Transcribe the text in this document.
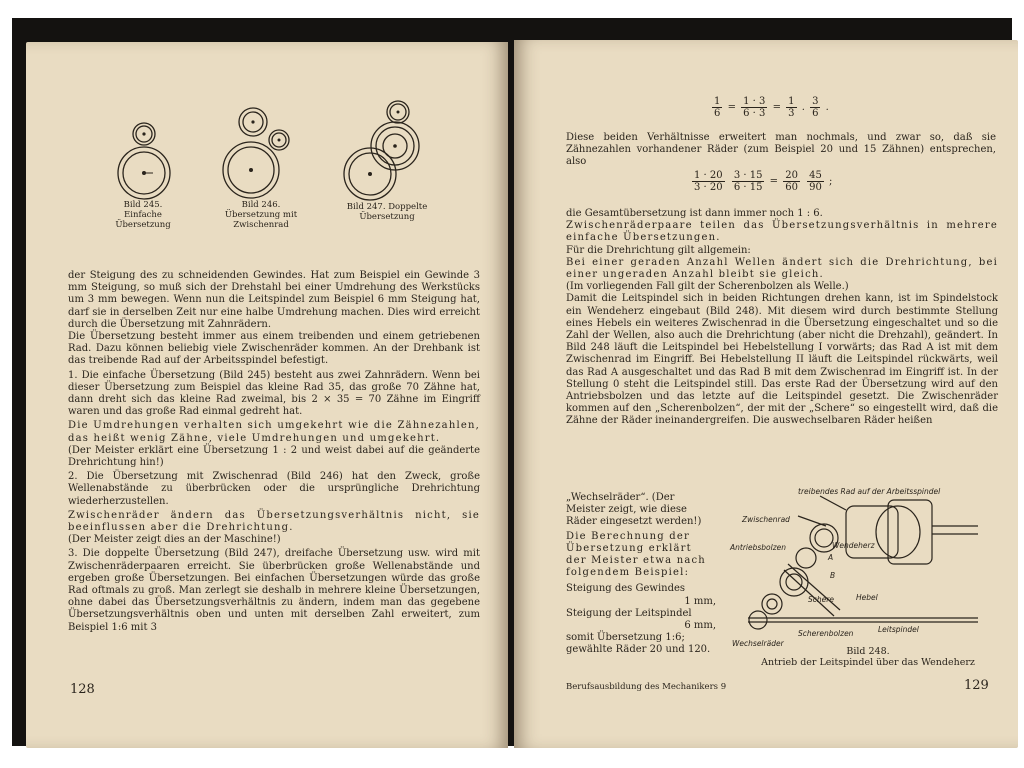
Bild 245. Einfache Übersetzung
Bild 246. Übersetzung mit Zwischenrad
Bild 247. Doppelte Übersetzung

der Steigung des zu schneidenden Gewindes. Hat zum Beispiel ein Gewinde 3 mm Steigung, so muß sich der Drehstahl bei einer Umdrehung des Werkstücks um 3 mm bewegen. Wenn nun die Leitspindel zum Beispiel 6 mm Steigung hat, darf sie in derselben Zeit nur eine halbe Umdrehung machen. Dies wird erreicht durch die Übersetzung mit Zahnrädern.

Die Übersetzung besteht immer aus einem treibenden und einem getriebenen Rad. Dazu können beliebig viele Zwischenräder kommen. An der Drehbank ist das treibende Rad auf der Arbeitsspindel befestigt.

1. Die einfache Übersetzung (Bild 245) besteht aus zwei Zahnrädern. Wenn bei dieser Übersetzung zum Beispiel das kleine Rad 35, das große 70 Zähne hat, dann dreht sich das kleine Rad zweimal, bis 2 × 35 = 70 Zähne im Eingriff waren und das große Rad einmal gedreht hat.

Die Umdrehungen verhalten sich umgekehrt wie die Zähnezahlen, das heißt wenig Zähne, viele Umdrehungen und umgekehrt.

(Der Meister erklärt eine Übersetzung 1 : 2 und weist dabei auf die geänderte Drehrichtung hin!)

2. Die Übersetzung mit Zwischenrad (Bild 246) hat den Zweck, große Wellenabstände zu überbrücken oder die ursprüngliche Drehrichtung wiederherzustellen.

Zwischenräder ändern das Übersetzungsverhältnis nicht, sie beeinflussen aber die Drehrichtung.

(Der Meister zeigt dies an der Maschine!)

3. Die doppelte Übersetzung (Bild 247), dreifache Übersetzung usw. wird mit Zwischenräderpaaren erreicht. Sie überbrücken große Wellenabstände und ergeben große Übersetzungen. Bei einfachen Übersetzungen würde das große Rad oftmals zu groß. Man zerlegt sie deshalb in mehrere kleine Übersetzungen, ohne dabei das Übersetzungsverhältnis zu ändern, indem man das gegebene Übersetzungsverhältnis oben und unten mit derselben Zahl erweitert, zum Beispiel 1:6 mit 3

128
$\frac{1}{6} = \frac{1 \cdot 3}{6 \cdot 3} = \frac{1}{3}$ . $\frac{3}{6}$ .

Diese beiden Verhältnisse erweitert man nochmals, und zwar so, daß sie Zähnezahlen vorhandener Räder (zum Beispiel 20 und 15 Zähnen) entsprechen, also

$\frac{1 \cdot 20}{3 \cdot 20}$
$\frac{3 \cdot 15}{6 \cdot 15} = \frac{20}{60}$
$\frac{45}{90}$ ;

die Gesamtübersetzung ist dann immer noch 1 : 6.

Zwischenräderpaare teilen das Übersetzungsverhältnis in mehrere einfache Übersetzungen.

Für die Drehrichtung gilt allgemein:

Bei einer geraden Anzahl Wellen ändert sich die Drehrichtung, bei einer ungeraden Anzahl bleibt sie gleich.

(Im vorliegenden Fall gilt der Scherenbolzen als Welle.)

Damit die Leitspindel sich in beiden Richtungen drehen kann, ist im Spindelstock ein Wendeherz eingebaut (Bild 248). Mit diesem wird durch bestimmte Stellung eines Hebels ein weiteres Zwischenrad in die Übersetzung eingeschaltet und so die Zahl der Wellen, also auch die Drehrichtung (aber nicht die Drehzahl), geändert. In Bild 248 läuft die Leitspindel bei Hebelstellung I vorwärts; das Rad A ist mit dem Zwischenrad im Eingriff. Bei Hebelstellung II läuft die Leitspindel rückwärts, weil das Rad A ausgeschaltet und das Rad B mit dem Zwischenrad im Eingriff ist. In der Stellung 0 steht die Leitspindel still. Das erste Rad der Übersetzung wird auf den Antriebsbolzen und das letzte auf die Leitspindel gesetzt. Die Zwischenräder kommen auf den „Scherenbolzen“, der mit der „Schere“ so eingestellt wird, daß die Zähne der Räder ineinandergreifen. Die auswechselbaren Räder heißen

„Wechselräder“. (Der Meister zeigt, wie diese Räder eingesetzt werden!)

Die Berechnung der Übersetzung erklärt der Meister etwa nach folgendem Beispiel:

Steigung des Gewindes

1 mm,

Steigung der Leitspindel

6 mm,

somit Übersetzung 1:6;

gewählte Räder 20 und 120.

treibendes Rad auf der Arbeitsspindel
Zwischenrad
A
B
Wendeherz
Antriebsbolzen
Schere	Hebel
Scherenbolzen	Leitspindel
Wechselräder
Bild 248.
Antrieb der Leitspindel über das Wendeherz
Berufsausbildung des Mechanikers 9	129
